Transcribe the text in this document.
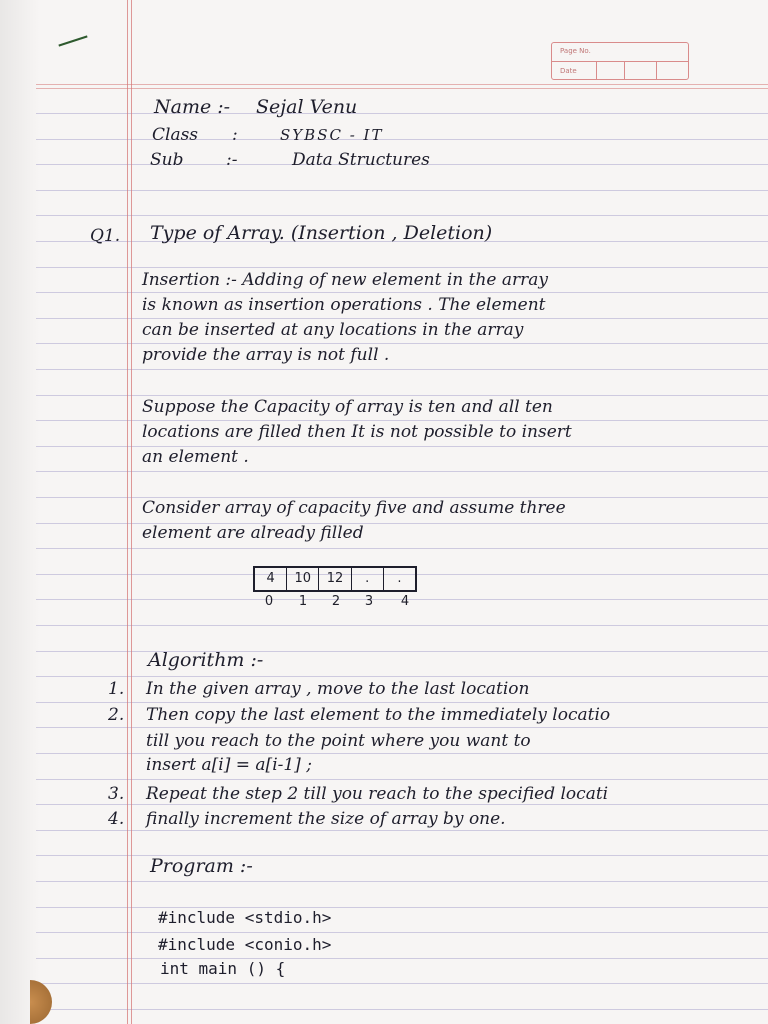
Page No.
Date
Name :- Sejal Venu
Class :	SYBSC - IT
Sub	:-	Data Structures
Q1. Type of Array. (Insertion , Deletion)
Insertion :- Adding of new element in the array
is known as insertion operations . The element
can be inserted at any locations in the array
provide the array is not full .
Suppose the Capacity of array is ten and all ten
locations are filled then It is not possible to insert
an element .
Consider array of capacity five and assume three
element are already filled
4	10	12	.	.
0	1	2	3	4
Algorithm :-
1. In the given array , move to the last location
2. Then copy the last element to the immediately locatio
till you reach to the point where you want to
insert a[i] = a[i-1] ;
3. Repeat the step 2 till you reach to the specified locati
4. finally increment the size of array by one.
Program :-
#include <stdio.h>
#include <conio.h>
int main () {
